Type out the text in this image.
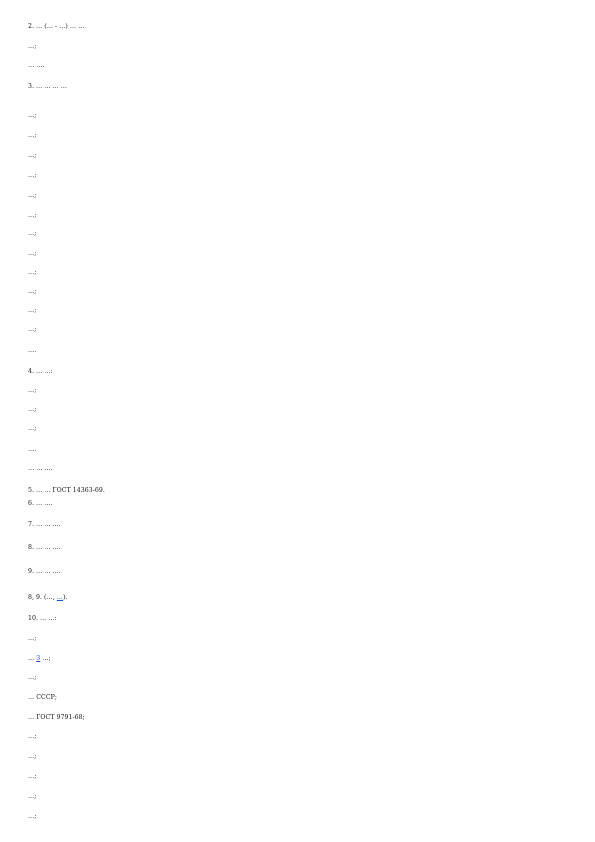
2. … (… - …) … …
…;
… ….
3. … … … …
…;
…;
…;
…;
…;
…;
…;
…;
…;
…;
…;
…;
….
4. … …:
…;
…;
…;
….
… … ….
5. … … ГОСТ 14363-69.
6. … ….
7. … … ….
8. … … ….
9. … … ….
8, 9. (…, …).
10. … …:
…;
… 3 …;
…;
… СССР;
… ГОСТ 9791-68;
…;
…;
…;
…;
…;
